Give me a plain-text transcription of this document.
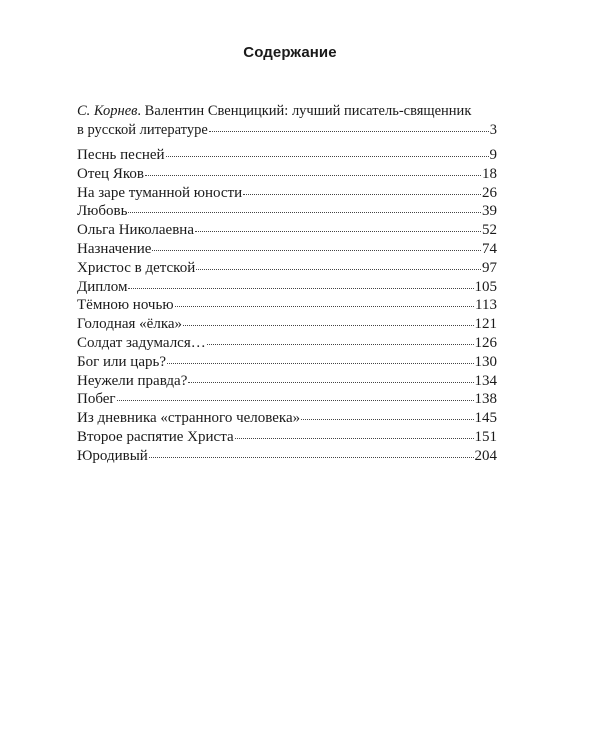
Содержание
С. Корнев. Валентин Свенцицкий: лучший писатель-священник
в русской литературе	3
Песнь песней	9
Отец Яков	18
На заре туманной юности	26
Любовь	39
Ольга Николаевна	52
Назначение	74
Христос в детской	97
Диплом	105
Тёмною ночью	113
Голодная «ёлка»	121
Солдат задумался…	126
Бог или царь?	130
Неужели правда?	134
Побег	138
Из дневника «странного человека»	145
Второе распятие Христа	151
Юродивый	204
